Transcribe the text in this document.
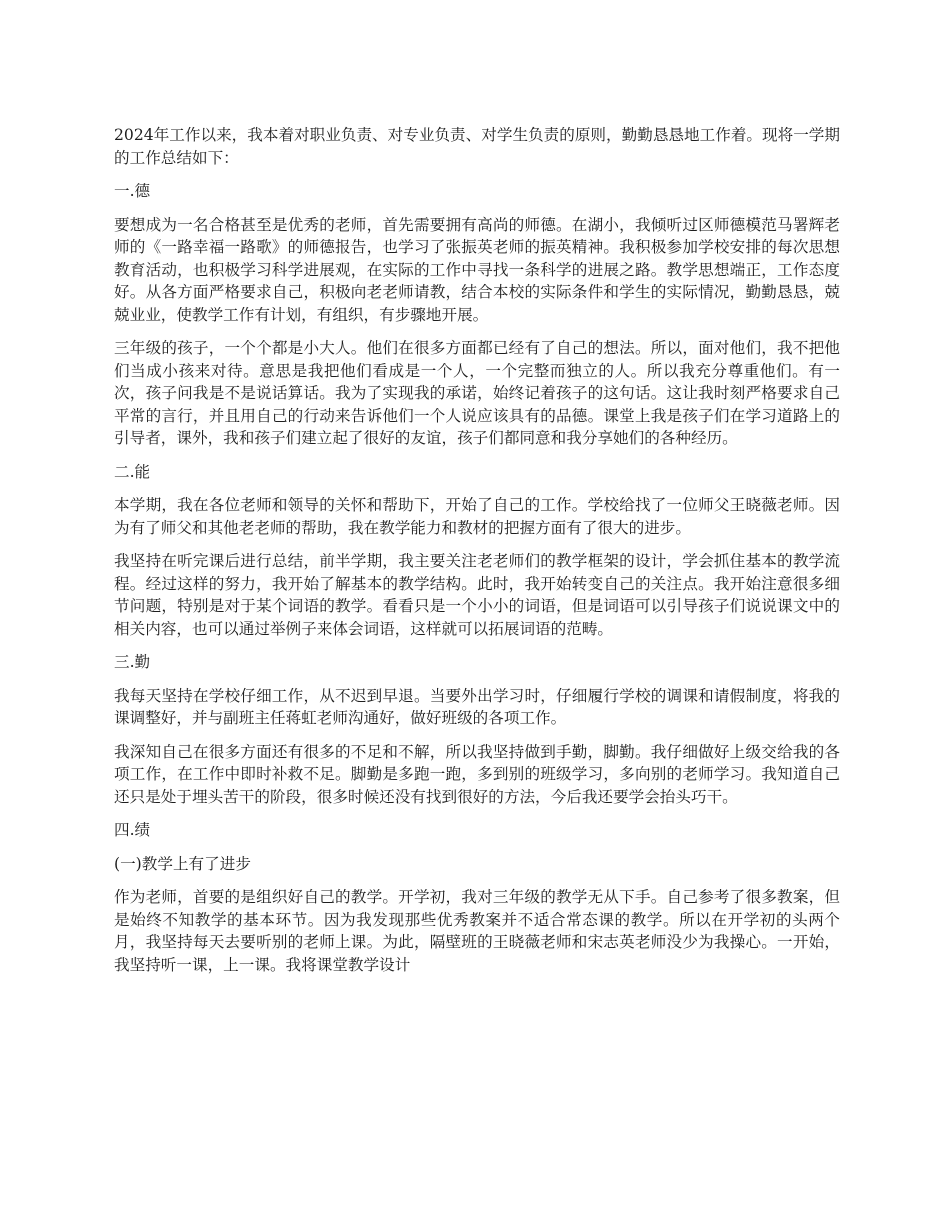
2024年工作以来，我本着对职业负责、对专业负责、对学生负责的原则，勤勤恳恳地工作着。现将一学期的工作总结如下：

一.德

要想成为一名合格甚至是优秀的老师，首先需要拥有高尚的师德。在湖小，我倾听过区师德模范马署辉老师的《一路幸福一路歌》的师德报告，也学习了张振英老师的振英精神。我积极参加学校安排的每次思想教育活动，也积极学习科学进展观，在实际的工作中寻找一条科学的进展之路。教学思想端正，工作态度好。从各方面严格要求自己，积极向老老师请教，结合本校的实际条件和学生的实际情况，勤勤恳恳，兢兢业业，使教学工作有计划，有组织，有步骤地开展。

三年级的孩子，一个个都是小大人。他们在很多方面都已经有了自己的想法。所以，面对他们，我不把他们当成小孩来对待。意思是我把他们看成是一个人，一个完整而独立的人。所以我充分尊重他们。有一次，孩子问我是不是说话算话。我为了实现我的承诺，始终记着孩子的这句话。这让我时刻严格要求自己平常的言行，并且用自己的行动来告诉他们一个人说应该具有的品德。课堂上我是孩子们在学习道路上的引导者，课外，我和孩子们建立起了很好的友谊，孩子们都同意和我分享她们的各种经历。

二.能

本学期，我在各位老师和领导的关怀和帮助下，开始了自己的工作。学校给找了一位师父王晓薇老师。因为有了师父和其他老老师的帮助，我在教学能力和教材的把握方面有了很大的进步。

我坚持在听完课后进行总结，前半学期，我主要关注老老师们的教学框架的设计，学会抓住基本的教学流程。经过这样的努力，我开始了解基本的教学结构。此时，我开始转变自己的关注点。我开始注意很多细节问题，特别是对于某个词语的教学。看看只是一个小小的词语，但是词语可以引导孩子们说说课文中的相关内容，也可以通过举例子来体会词语，这样就可以拓展词语的范畴。

三.勤

我每天坚持在学校仔细工作，从不迟到早退。当要外出学习时，仔细履行学校的调课和请假制度，将我的课调整好，并与副班主任蒋虹老师沟通好，做好班级的各项工作。

我深知自己在很多方面还有很多的不足和不解，所以我坚持做到手勤，脚勤。我仔细做好上级交给我的各项工作，在工作中即时补救不足。脚勤是多跑一跑，多到别的班级学习，多向别的老师学习。我知道自己还只是处于埋头苦干的阶段，很多时候还没有找到很好的方法，今后我还要学会抬头巧干。

四.绩

(一)教学上有了进步

作为老师，首要的是组织好自己的教学。开学初，我对三年级的教学无从下手。自己参考了很多教案，但是始终不知教学的基本环节。因为我发现那些优秀教案并不适合常态课的教学。所以在开学初的头两个月，我坚持每天去要听别的老师上课。为此，隔壁班的王晓薇老师和宋志英老师没少为我操心。一开始，我坚持听一课，上一课。我将课堂教学设计
